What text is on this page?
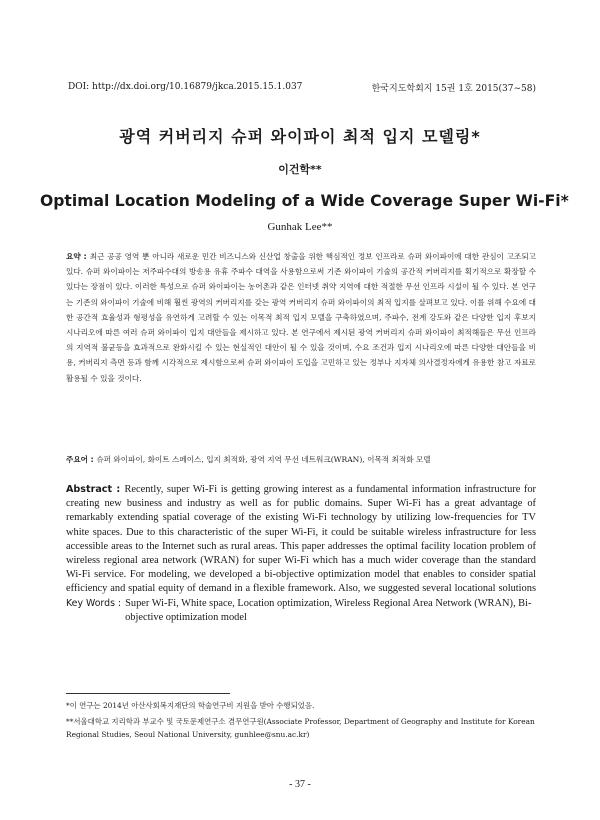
DOI: http://dx.doi.org/10.16879/jkca.2015.15.1.037	한국지도학회지 15권 1호 2015(37∼58)
광역 커버리지 슈퍼 와이파이 최적 입지 모델링*
이건학**
Optimal Location Modeling of a Wide Coverage Super Wi-Fi*
Gunhak Lee**
요약 : 최근 공공 영역 뿐 아니라 새로운 민간 비즈니스와 신산업 창출을 위한 핵심적인 정보 인프라로 슈퍼 와이파이에 대한 관심이 고조되고 있다. 슈퍼 와이파이는 저주파수대의 방송용 유휴 주파수 대역을 사용함으로써 기존 와이파이 기술의 공간적 커버리지를 획기적으로 확장할 수 있다는 장점이 있다. 이러한 특성으로 슈퍼 와이파이는 농어촌과 같은 인터넷 취약 지역에 대한 적절한 무선 인프라 시설이 될 수 있다. 본 연구는 기존의 와이파이 기술에 비해 훨씬 광역의 커버리지를 갖는 광역 커버리지 슈퍼 와이파이의 최적 입지를 살펴보고 있다. 이를 위해 수요에 대한 공간적 효율성과 형평성을 유연하게 고려할 수 있는 이목적 최적 입지 모델을 구축하였으며, 주파수, 전계 강도와 같은 다양한 입지 후보지 시나리오에 따른 여러 슈퍼 와이파이 입지 대안들을 제시하고 있다. 본 연구에서 제시된 광역 커버리지 슈퍼 와이파이 최적해들은 무선 인프라의 지역적 불균등을 효과적으로 완화시킬 수 있는 현실적인 대안이 될 수 있을 것이며, 수요 조건과 입지 시나리오에 따른 다양한 대안들을 비용, 커버리지 측면 등과 함께 시각적으로 제시함으로써 슈퍼 와이파이 도입을 고민하고 있는 정부나 지자체 의사결정자에게 유용한 참고 자료로 활용될 수 있을 것이다.
주요어 : 슈퍼 와이파이, 화이트 스페이스, 입지 최적화, 광역 지역 무선 네트워크(WRAN), 이목적 최적화 모델
Abstract : Recently, super Wi-Fi is getting growing interest as a fundamental information infrastructure for creating new business and industry as well as for public domains. Super Wi-Fi has a great advantage of remarkably extending spatial coverage of the existing Wi-Fi technology by utilizing low-frequencies for TV white spaces. Due to this characteristic of the super Wi-Fi, it could be suitable wireless infrastructure for less accessible areas to the Internet such as rural areas. This paper addresses the optimal facility location problem of wireless regional area network (WRAN) for super Wi-Fi which has a much wider coverage than the standard Wi-Fi service. For modeling, we developed a bi-objective optimization model that enables to consider spatial efficiency and spatial equity of demand in a flexible framework. Also, we suggested several locational solutions
Key Words : Super Wi-Fi, White space, Location optimization, Wireless Regional Area Network (WRAN), Bi-objective optimization model
*이 연구는 2014년 아산사회복지재단의 학술연구비 지원을 받아 수행되었음.
**서울대학교 지리학과 부교수 및 국토문제연구소 겸무연구원(Associate Professor, Department of Geography and Institute for Korean Regional Studies, Seoul National University, gunhlee@snu.ac.kr)
- 37 -
